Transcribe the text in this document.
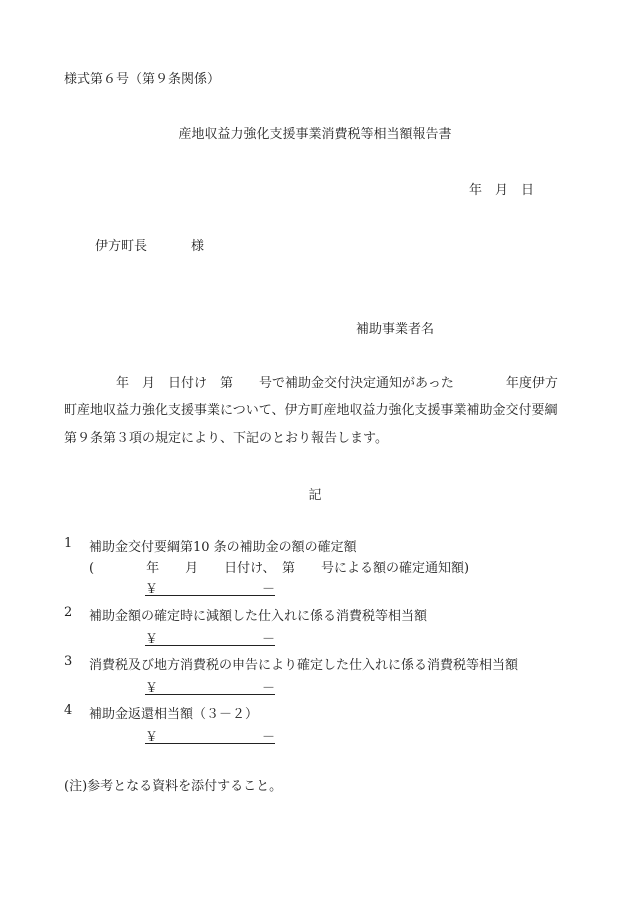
様式第６号（第９条関係）
産地収益力強化支援事業消費税等相当額報告書
年　月　日
伊方町長	様
補助事業者名
年　月　日付け　第　　号で補助金交付決定通知があった　　　　年度伊方
町産地収益力強化支援事業について、伊方町産地収益力強化支援事業補助金交付要綱
第９条第３項の規定により、下記のとおり報告します。
記
1 補助金交付要綱第10 条の補助金の額の確定額
(　　　　年　　月　　日付け、　第　　号による額の確定通知額)
￥	－
2 補助金額の確定時に減額した仕入れに係る消費税等相当額
￥	－
3 消費税及び地方消費税の申告により確定した仕入れに係る消費税等相当額
￥	－
4 補助金返還相当額（３－２）
￥	－
(注)参考となる資料を添付すること。
